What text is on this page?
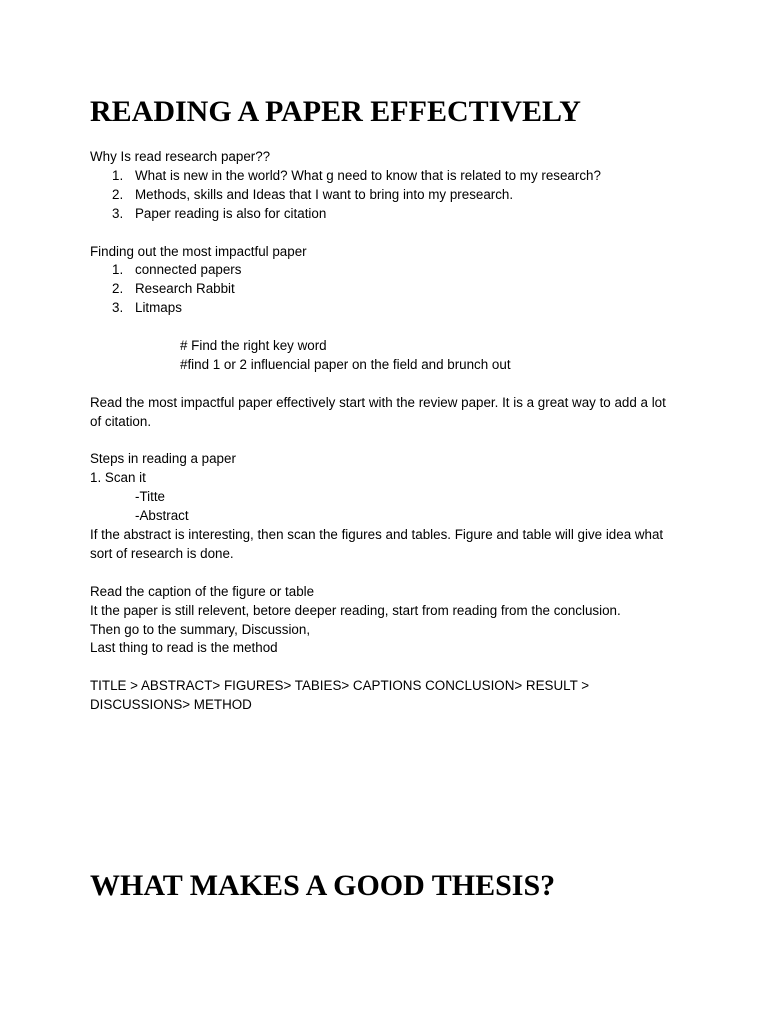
READING A PAPER EFFECTIVELY
Why Is read research paper??
1. What is new in the world? What g need to know that is related to my research?
2. Methods, skills and Ideas that I want to bring into my presearch.
3. Paper reading is also for citation
Finding out the most impactful paper
1. connected papers
2. Research Rabbit
3. Litmaps
# Find the right key word
#find 1 or 2 influencial paper on the field and brunch out
Read the most impactful paper effectively start with the review paper. It is a great way to add a lot of citation.
Steps in reading a paper
1. Scan it
-Titte
-Abstract
If the abstract is interesting, then scan the figures and tables. Figure and table will give idea what sort of research is done.
Read the caption of the figure or table
It the paper is still relevent, betore deeper reading, start from reading from the conclusion.
Then go to the summary, Discussion,
Last thing to read is the method
TITLE > ABSTRACT> FIGURES> TABIES> CAPTIONS CONCLUSION> RESULT > DISCUSSIONS> METHOD
WHAT MAKES A GOOD THESIS?
